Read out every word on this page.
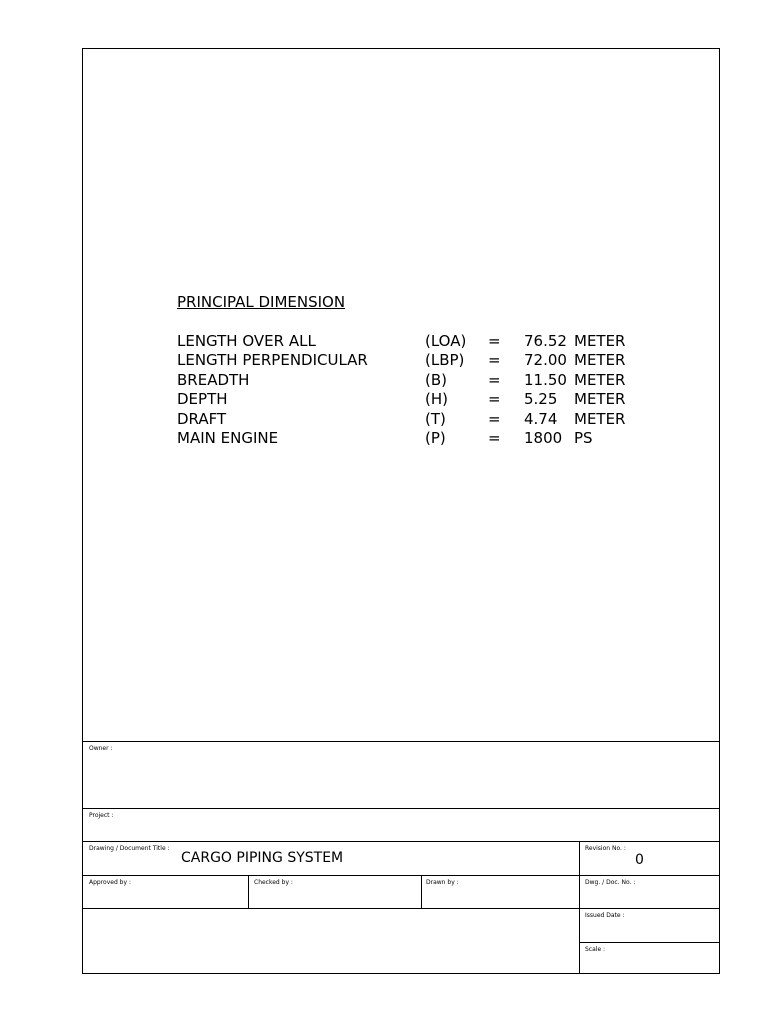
PRINCIPAL DIMENSION
LENGTH OVER ALL	(LOA) = 76.52 METER
LENGTH PERPENDICULAR	(LBP) = 72.00 METER
BREADTH	(B)	= 11.50 METER
DEPTH	(H)	= 5.25 METER
DRAFT	(T)	= 4.74 METER
MAIN ENGINE	(P)	= 1800 PS
Owner :
Project :
Drawing / Document Title :
CARGO PIPING SYSTEM
Revision No. :
0
Approved by :	Checked by :	Drawn by :	Dwg. / Doc. No. :
Issued Date :
Scale :
